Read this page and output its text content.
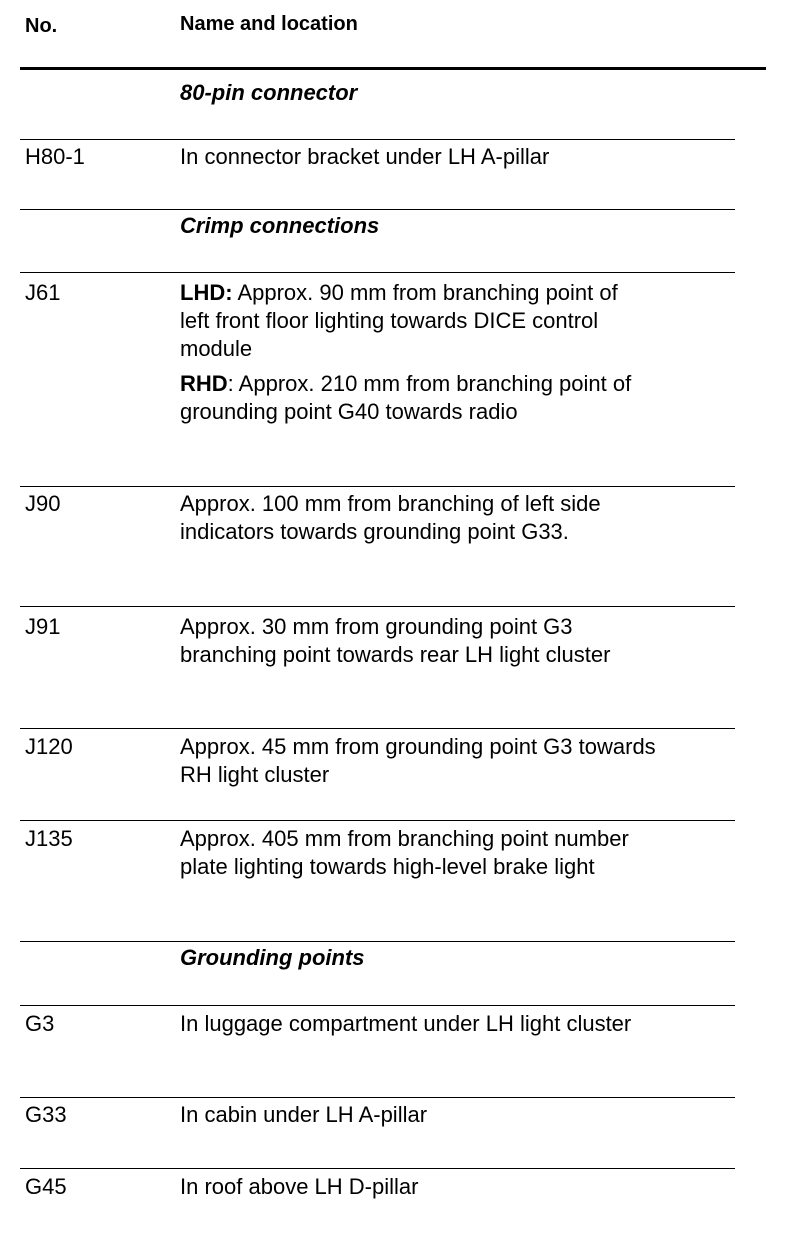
No.	Name and location
80-pin connector
H80-1	In connector bracket under LH A-pillar
Crimp connections
J61	LHD: Approx. 90 mm from branching point of left front floor lighting towards DICE control module
RHD: Approx. 210 mm from branching point of grounding point G40 towards radio
J90	Approx. 100 mm from branching of left side indicators towards grounding point G33.
J91	Approx. 30 mm from grounding point G3 branching point towards rear LH light cluster
J120	Approx. 45 mm from grounding point G3 towards RH light cluster
J135	Approx. 405 mm from branching point number plate lighting towards high-level brake light
Grounding points
G3	In luggage compartment under LH light cluster
G33	In cabin under LH A-pillar
G45	In roof above LH D-pillar
